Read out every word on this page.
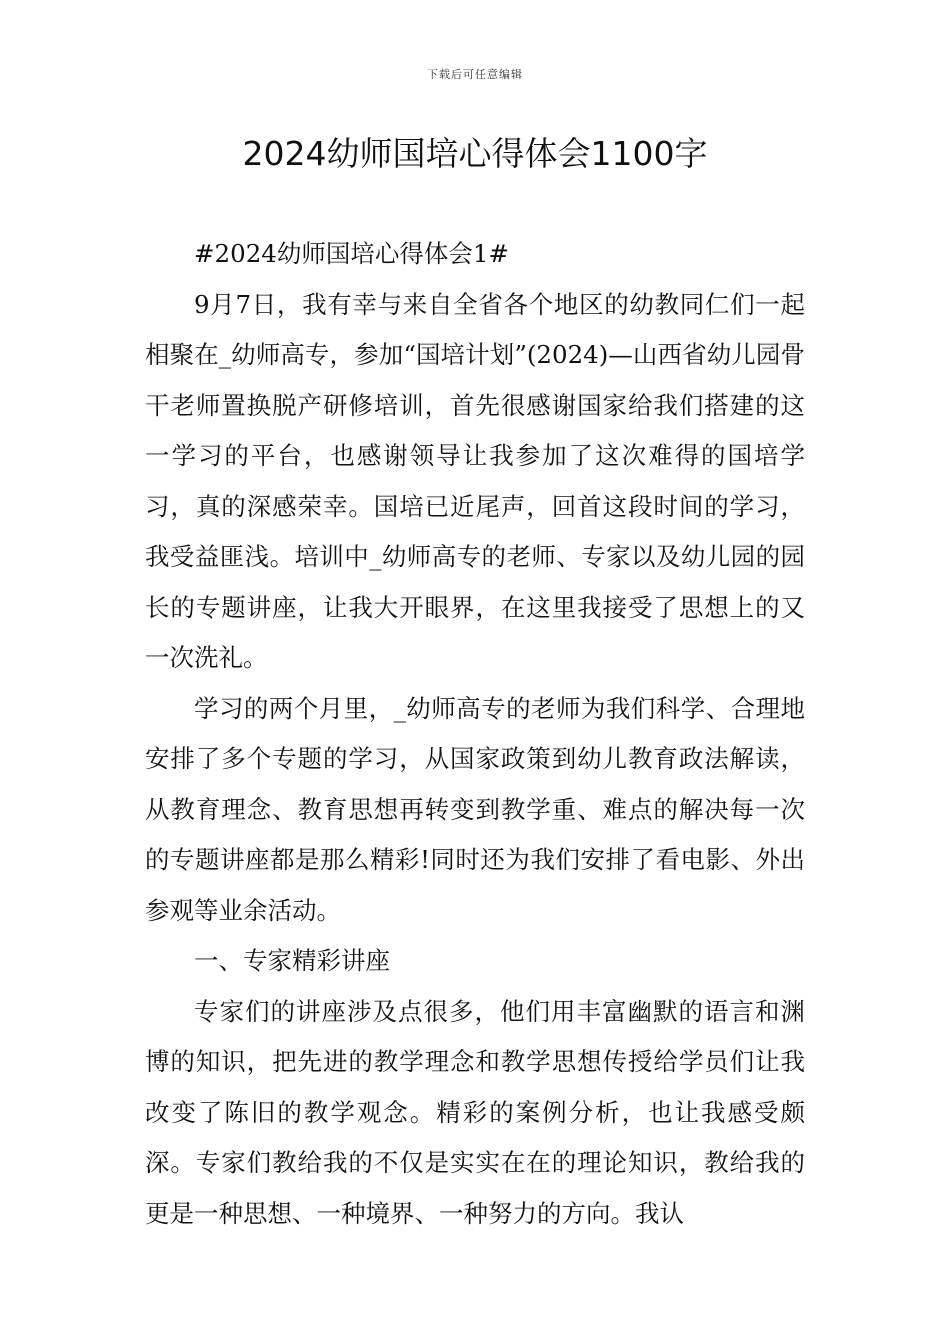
下载后可任意编辑
2024幼师国培心得体会1100字

#2024幼师国培心得体会1#

9月7日，我有幸与来自全省各个地区的幼教同仁们一起相聚在_幼师高专，参加“国培计划”(2024)—山西省幼儿园骨干老师置换脱产研修培训，首先很感谢国家给我们搭建的这一学习的平台，也感谢领导让我参加了这次难得的国培学习，真的深感荣幸。国培已近尾声，回首这段时间的学习，我受益匪浅。培训中_幼师高专的老师、专家以及幼儿园的园长的专题讲座，让我大开眼界，在这里我接受了思想上的又一次洗礼。

学习的两个月里，_幼师高专的老师为我们科学、合理地安排了多个专题的学习，从国家政策到幼儿教育政法解读，从教育理念、教育思想再转变到教学重、难点的解决每一次的专题讲座都是那么精彩!同时还为我们安排了看电影、外出参观等业余活动。

一、专家精彩讲座

专家们的讲座涉及点很多，他们用丰富幽默的语言和渊博的知识，把先进的教学理念和教学思想传授给学员们让我改变了陈旧的教学观念。精彩的案例分析，也让我感受颇深。专家们教给我的不仅是实实在在的理论知识，教给我的更是一种思想、一种境界、一种努力的方向。我认
